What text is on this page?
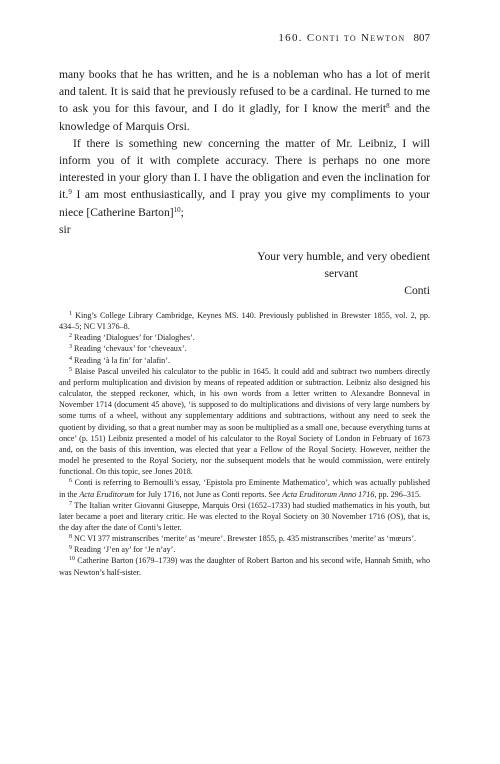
160. Conti to Newton 807

many books that he has written, and he is a nobleman who has a lot of merit and talent. It is said that he previously refused to be a cardinal. He turned to me to ask you for this favour, and I do it gladly, for I know the merit$^8$ and the knowledge of Marquis Orsi.

If there is something new concerning the matter of Mr. Leibniz, I will inform you of it with complete accuracy. There is perhaps no one more interested in your glory than I. I have the obligation and even the inclination for it.$^9$ I am most enthusiastically, and I pray you give my compliments to your niece [Catherine Barton]$^{10}$;

sir

Your very humble, and very obedient
servant
Conti

$^1$ King’s College Library Cambridge, Keynes MS. 140. Previously published in Brewster 1855, vol. 2, pp. 434–5; NC VI 376–8.

$^2$ Reading ‘Dialogues’ for ‘Dialoghes’.

$^3$ Reading ‘chevaux’ for ‘cheveaux’.

$^4$ Reading ‘à la fin’ for ‘alafin’.

$^5$ Blaise Pascal unveiled his calculator to the public in 1645. It could add and subtract two numbers directly and perform multiplication and division by means of repeated addition or subtraction. Leibniz also designed his calculator, the stepped reckoner, which, in his own words from a letter written to Alexandre Bonneval in November 1714 (document 45 above), ‘is supposed to do multiplications and divisions of very large numbers by some turns of a wheel, without any supplementary additions and subtractions, without any need to seek the quotient by dividing, so that a great number may as soon be multiplied as a small one, because everything turns at once’ (p. 151) Leibniz presented a model of his calculator to the Royal Society of London in February of 1673 and, on the basis of this invention, was elected that year a Fellow of the Royal Society. However, neither the model he presented to the Royal Society, nor the subsequent models that he would commission, were entirely functional. On this topic, see Jones 2018.

$^6$ Conti is referring to Bernoulli’s essay, ‘Epistola pro Eminente Mathematico’, which was actually published in the Acta Eruditorum for July 1716, not June as Conti reports. See Acta Eruditorum Anno 1716, pp. 296–315.

$^7$ The Italian writer Giovanni Giuseppe, Marquis Orsi (1652–1733) had studied mathematics in his youth, but later became a poet and literary critic. He was elected to the Royal Society on 30 November 1716 (OS), that is, the day after the date of Conti’s letter.

$^8$ NC VI 377 mistranscribes ‘merite’ as ‘meure’. Brewster 1855, p. 435 mistranscribes ‘merite’ as ‘mœurs’.

$^9$ Reading ‘J’en ay’ for ‘Je n’ay’.

$^{10}$ Catherine Barton (1679–1739) was the daughter of Robert Barton and his second wife, Hannah Smith, who was Newton’s half-sister.
